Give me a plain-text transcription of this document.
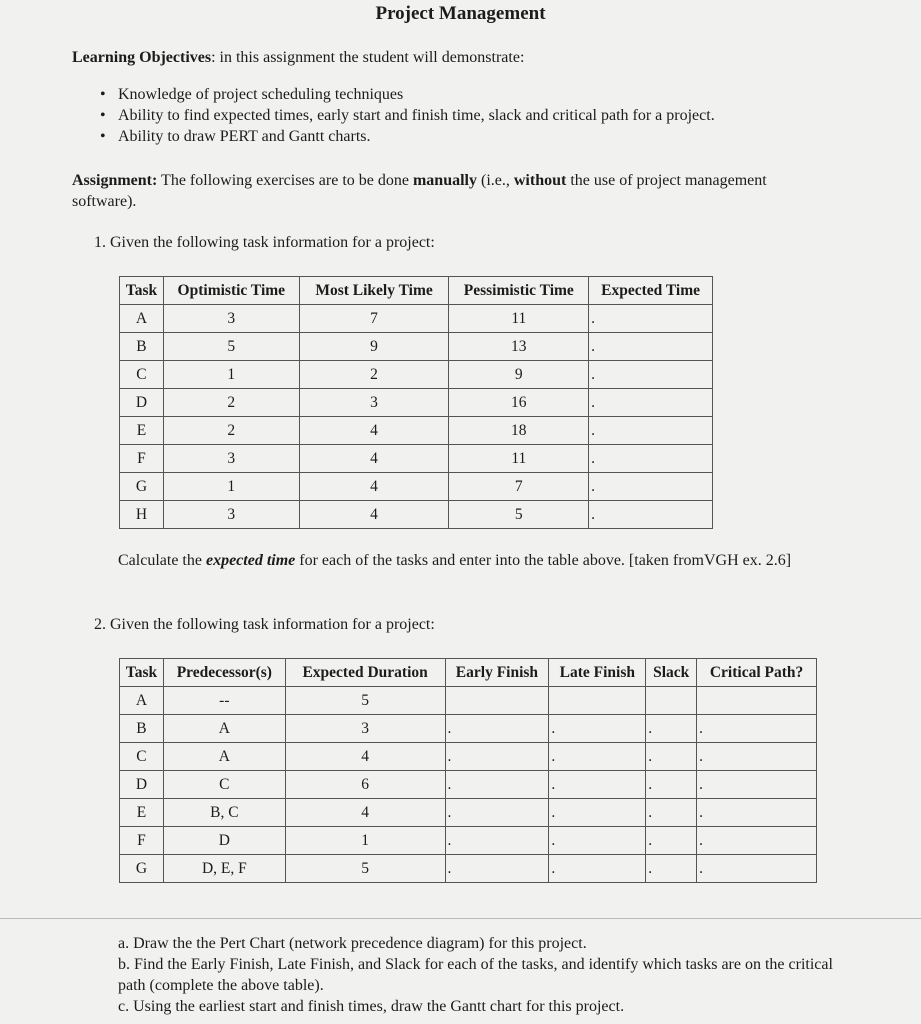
Project Management
Learning Objectives: in this assignment the student will demonstrate:
• Knowledge of project scheduling techniques
• Ability to find expected times, early start and finish time, slack and critical path for a project.
• Ability to draw PERT and Gantt charts.
Assignment: The following exercises are to be done manually (i.e., without the use of project management software).
1. Given the following task information for a project:
Task	Optimistic Time	Most Likely Time	Pessimistic Time	Expected Time
A	3	7	11	.
B	5	9	13	.
C	1	2	9	.
D	2	3	16	.
E	2	4	18	.
F	3	4	11	.
G	1	4	7	.
H	3	4	5	.
Calculate the expected time for each of the tasks and enter into the table above. [taken fromVGH ex. 2.6]
2. Given the following task information for a project:
Task	Predecessor(s)	Expected Duration	Early Finish	Late Finish	Slack	Critical Path?
A	--	5				
B	A	3	.	.	.	.
C	A	4	.	.	.	.
D	C	6	.	.	.	.
E	B, C	4	.	.	.	.
F	D	1	.	.	.	.
G	D, E, F	5	.	.	.	.
a. Draw the the Pert Chart (network precedence diagram) for this project.
b. Find the Early Finish, Late Finish, and Slack for each of the tasks, and identify which tasks are on the critical path (complete the above table).
c. Using the earliest start and finish times, draw the Gantt chart for this project.
